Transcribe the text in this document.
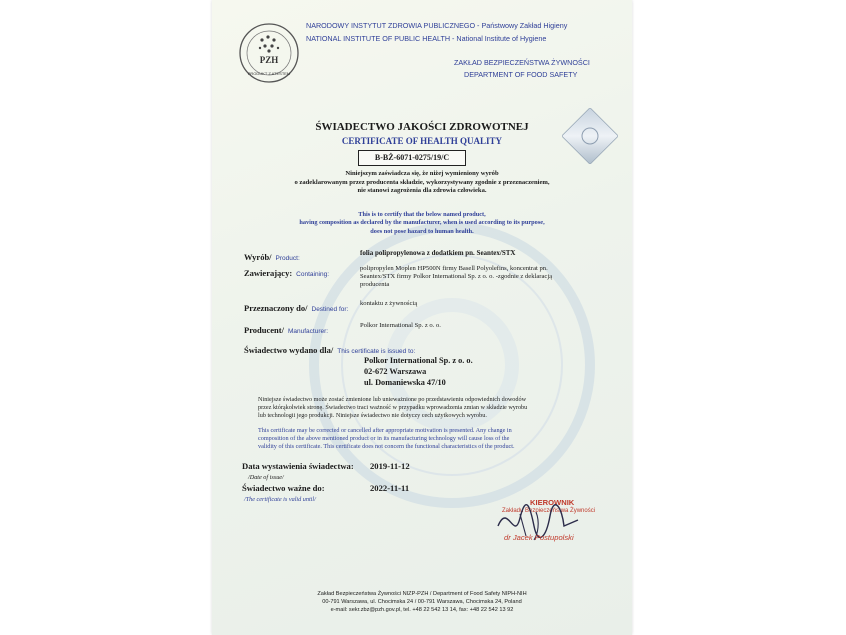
PZH
PRODUKT Z ATESTEM
NARODOWY INSTYTUT ZDROWIA PUBLICZNEGO - Państwowy Zakład Higieny
NATIONAL INSTITUTE OF PUBLIC HEALTH - National Institute of Hygiene
ZAKŁAD BEZPIECZEŃSTWA ŻYWNOŚCI
DEPARTMENT OF FOOD SAFETY
ŚWIADECTWO JAKOŚCI ZDROWOTNEJ
CERTIFICATE OF HEALTH QUALITY
B-BŻ-6071-0275/19/C
Niniejszym zaświadcza się, że niżej wymieniony wyrób
o zadeklarowanym przez producenta składzie, wykorzystywany zgodnie z przeznaczeniem,
nie stanowi zagrożenia dla zdrowia człowieka.
This is to certify that the below named product,
having composition as declared by the manufacturer, when is used according to its purpose,
does not pose hazard to human health.
Wyrób/ Product:
folia polipropylenowa z dodatkiem pn. Seantex/STX
Zawierający: Containing:
polipropylen Moplen HP500N firmy Basell Polyolefins, koncentrat pn.
Seantex/STX firmy Polkor International Sp. z o. o. -zgodnie z deklaracją
producenta
Przeznaczony do/ Destined for:
kontaktu z żywnością
Producent/ Manufacturer:
Polkor International Sp. z o. o.
Świadectwo wydano dla/ This certificate is issued to:
Polkor International Sp. z o. o.
02-672 Warszawa
ul. Domaniewska 47/10
Niniejsze świadectwo może zostać zmienione lub unieważnione po przedstawieniu odpowiednich dowodów
przez którąkolwiek stronę. Świadectwo traci ważność w przypadku wprowadzenia zmian w składzie wyrobu
lub technologii jego produkcji. Niniejsze świadectwo nie dotyczy cech użytkowych wyrobu.
This certificate may be corrected or cancelled after appropriate motivation is presented. Any change in
composition of the above mentioned product or in its manufacturing technology will cause loss of the
validity of this certificate. This certificate does not concern the functional characteristics of the product.
Data wystawienia świadectwa: 2019-11-12
/Date of issue/
Świadectwo ważne do:	2022-11-11
/The certificate is valid until/	KIEROWNIK
Zakładu Bezpieczeństwa Żywności
dr Jacek Postupolski
Zakład Bezpieczeństwa Żywności NIZP-PZH / Department of Food Safety NIPH-NIH
00-791 Warszawa, ul. Chocimska 24 / 00-791 Warszawa, Chocimska 24, Poland
e-mail: sekr.zbz@pzh.gov.pl, tel. +48 22 542 13 14, fax: +48 22 542 13 92
